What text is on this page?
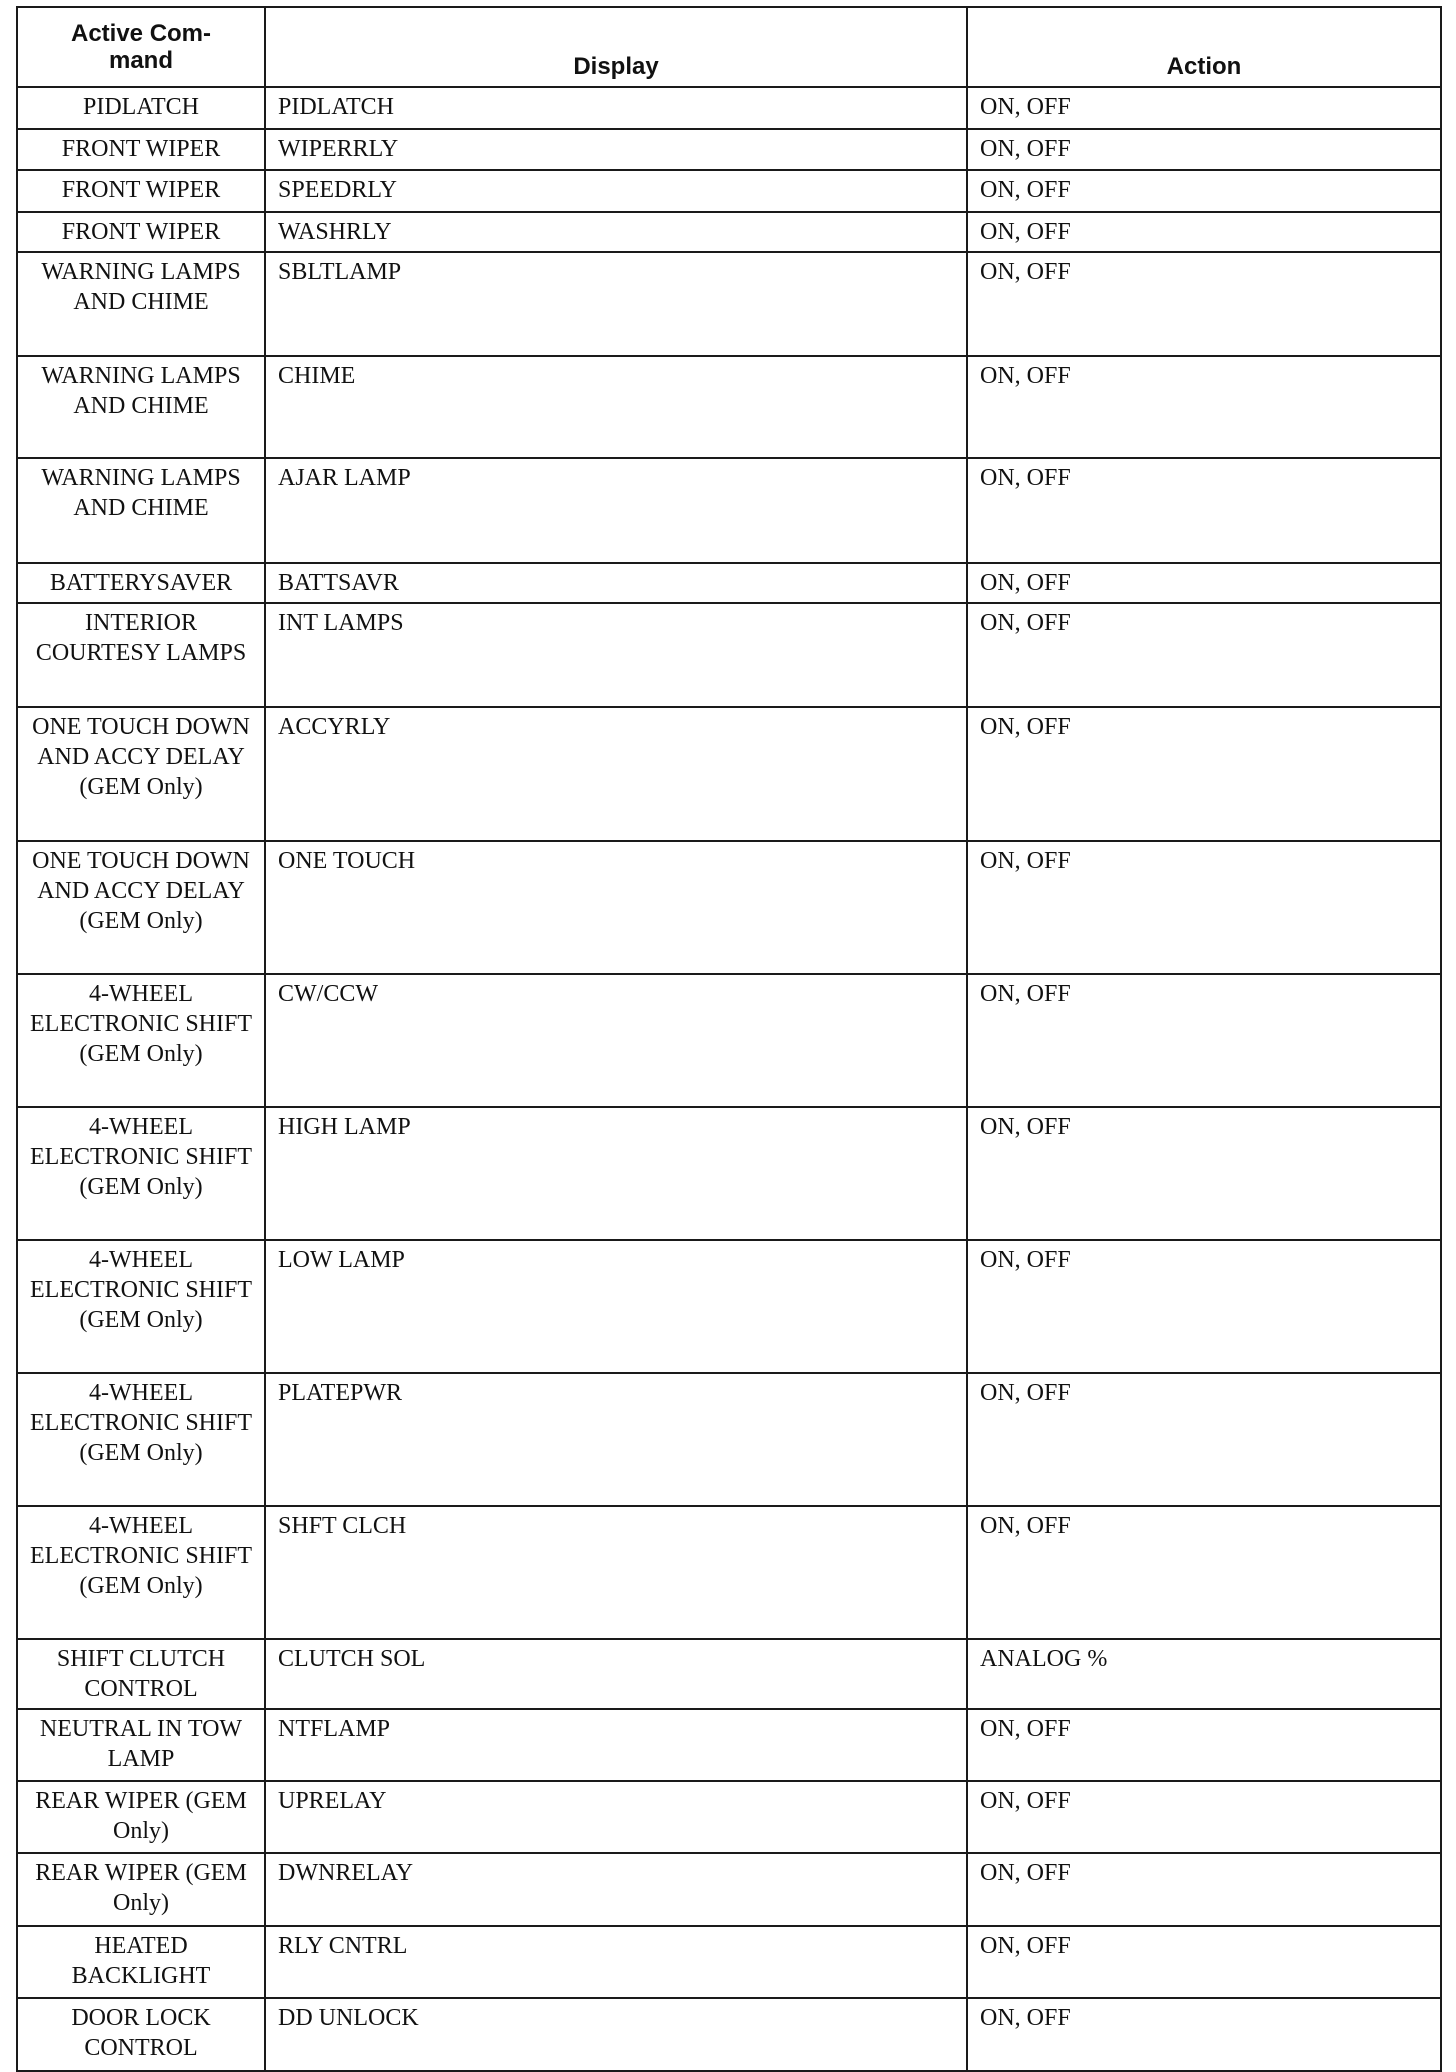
Active Com-
mand	Display	Action
PIDLATCH	PIDLATCH	ON, OFF
FRONT WIPER	WIPERRLY	ON, OFF
FRONT WIPER	SPEEDRLY	ON, OFF
FRONT WIPER	WASHRLY	ON, OFF
WARNING LAMPS AND CHIME	SBLTLAMP	ON, OFF
WARNING LAMPS AND CHIME	CHIME	ON, OFF
WARNING LAMPS AND CHIME	AJAR LAMP	ON, OFF
BATTERYSAVER	BATTSAVR	ON, OFF
INTERIOR COURTESY LAMPS	INT LAMPS	ON, OFF
ONE TOUCH DOWN AND ACCY DELAY (GEM Only)	ACCYRLY	ON, OFF
ONE TOUCH DOWN AND ACCY DELAY (GEM Only)	ONE TOUCH	ON, OFF
4-WHEEL ELECTRONIC SHIFT (GEM Only)	CW/CCW	ON, OFF
4-WHEEL ELECTRONIC SHIFT (GEM Only)	HIGH LAMP	ON, OFF
4-WHEEL ELECTRONIC SHIFT (GEM Only)	LOW LAMP	ON, OFF
4-WHEEL ELECTRONIC SHIFT (GEM Only)	PLATEPWR	ON, OFF
4-WHEEL ELECTRONIC SHIFT (GEM Only)	SHFT CLCH	ON, OFF
SHIFT CLUTCH CONTROL	CLUTCH SOL	ANALOG %
NEUTRAL IN TOW LAMP	NTFLAMP	ON, OFF
REAR WIPER (GEM Only)	UPRELAY	ON, OFF
REAR WIPER (GEM Only)	DWNRELAY	ON, OFF
HEATED BACKLIGHT	RLY CNTRL	ON, OFF
DOOR LOCK CONTROL	DD UNLOCK	ON, OFF
